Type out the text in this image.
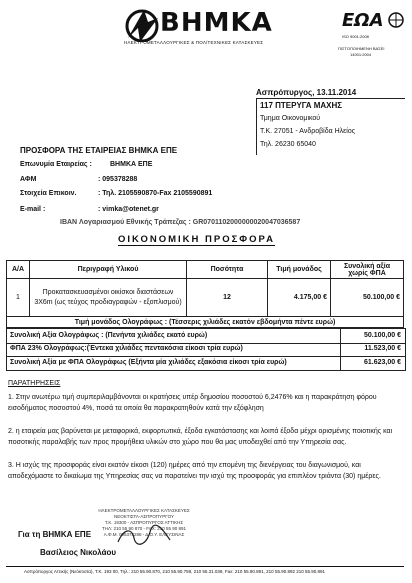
ΒΗΜΚΑ
ΗΛΕΚΤΡΟΜΕΤΑΛΛΟΥΡΓΙΚΕΣ & ΠΟΛ/ΤΕΧΝΙΚΕΣ ΚΑΤΑΣΚΕΥΕΣ
ΕΩΑ
ISO 9001:2008
ΠΙΣΤΟΠΟΙΗΜΕΝΗ ΒΑΣΕΙ
14001:2004
Ασπρόπυργος, 13.11.2014
117 ΠΤΕΡΥΓΑ ΜΑΧΗΣ
Τμημα Οικονομικού
Τ.Κ. 27051 - Ανδροβίδα Ηλείος
Τηλ. 26230 65040
ΠΡΟΣΦΟΡΑ ΤΗΣ ΕΤΑΙΡΕΙΑΣ ΒΗΜΚΑ ΕΠΕ
Επωνυμία Εταιρείας :	ΒΗΜΚΑ ΕΠΕ
ΑΦΜ	: 095378288
Στοιχεία Επικοιν.	: Τηλ. 2105590870-Fax 2105590891
E-mail :	: vimka@otenet.gr
IBAN Λογαριασμού Εθνικής Τράπεζας : GR0701102000000020047036587
ΟΙΚΟΝΟΜΙΚΗ ΠΡΟΣΦΟΡΑ
Α/Α	Περιγραφή Υλικού	Ποσότητα	Τιμή μονάδος	Συνολική αξία χωρίς ΦΠΑ
1	Προκατασκευασμένοι οικίσκοι διαστάσεων 3Χ6m (ως τεύχος προδιαγραφών - εξοπλισμού)	12	4.175,00 €	50.100,00 €
Τιμή μονάδος Ολογράφως : (Τέσσερις χιλιάδες εκατόν εβδομήντα πέντε ευρώ)				
Συνολική Αξία Ολογράφως : (Πενήντα χιλιάδες εκατό ευρώ)	50.100,00 €
ΦΠΑ 23% Ολογράφως:(Έντεκα χιλιάδες πεντακόσια είκοσι τρία ευρώ)	11.523,00 €
Συνολική Αξία με ΦΠΑ Ολογράφως (Εξήντα μία χιλιάδες εξακόσια είκοσι τρία ευρώ)	61.623,00 €
ΠΑΡΑΤΗΡΗΣΕΙΣ
1. Στην ανωτέρω τιμή συμπεριλαμβάνονται οι κρατήσεις υπέρ δημοσίου ποσοστού 6,2476% και η παρακράτηση φόρου εισοδήματος ποσοστού 4%, ποσά τα οποία θα παρακρατηθούν κατά την εξόφληση
2. η εταιρεία μας βαρύνεται με μεταφορικά, εκφορτωτικά, έξοδα εγκατάστασης και λοιπά έξοδα μέχρι ορισμένης ποιοτικής και ποσοτικής παραλαβής των προς προμήθεια υλικών στο χώρο που θα μας υποδειχθεί από την Υπηρεσία σας.
3. Η ισχύς της προσφοράς είναι εκατόν είκοσι (120) ημέρες από την επομένη της διενέργειας του διαγωνισμού, και αποδεχόμαστε το δικαίωμα της Υπηρεσίας σας να παρατείνει την ισχύ της προσφοράς για επιπλέον τριάντα (30) ημέρες.
ΗΛΕΚΤΡΟΜΕΤΑΛΛΟΥΡΓΙΚΕΣ ΚΑΤΑΣΚΕΥΕΣ
ΝΕΟΚΤΙΣΤΑ-ΑΣΠΡΟΠΥΡΓΟΥ
Τ.Κ. 19300 - ΑΣΠΡΟΠΥΡΓΟΣ ΑΤΤΙΚΗΣ
ΤΗΛ: 210 55 90 870 - FAX: 210 55 90 891
Α.Φ.Μ. 095378288 - Δ.Ο.Υ. ΕΛΕΥΣΙΝΑΣ
Για τη ΒΗΜΚΑ ΕΠΕ
Βασίλειος Νικολάου
Ασπρόπυργος Αττικής (Νεόκτιστα), Τ.Κ. 193 00, Τηλ.: 210 55.90.870, 210 55.90.759, 210 55.31.039, Fax: 210 55.90.891, 210 55.90.892 210 55.90.891
